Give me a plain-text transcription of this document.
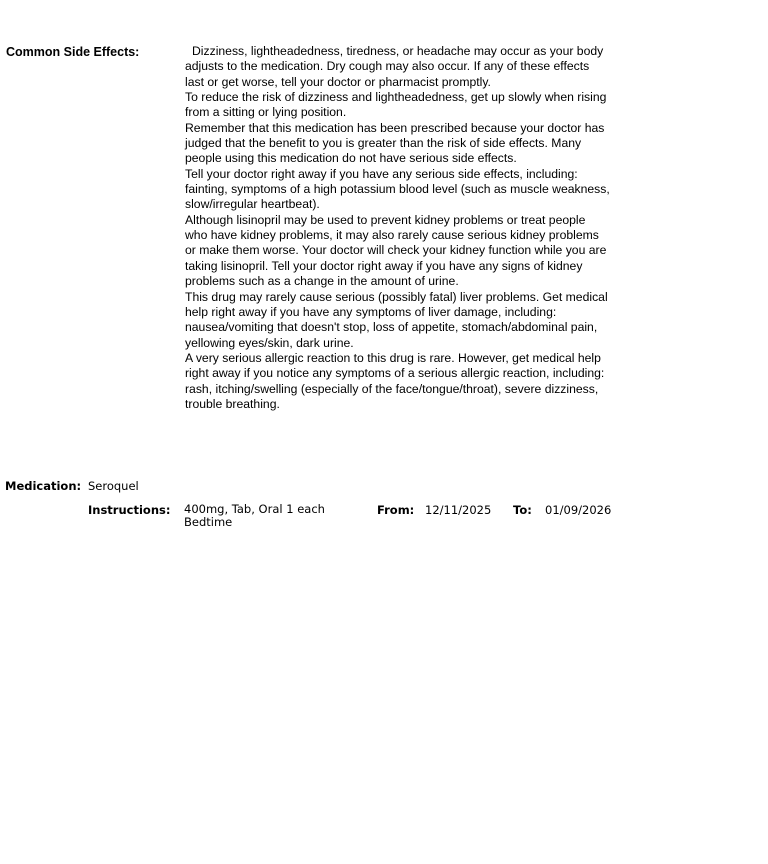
Common Side Effects:	Dizziness, lightheadedness, tiredness, or headache may occur as your body adjusts to the medication. Dry cough may also occur. If any of these effects last or get worse, tell your doctor or pharmacist promptly.

To reduce the risk of dizziness and lightheadedness, get up slowly when rising from a sitting or lying position.

Remember that this medication has been prescribed because your doctor has judged that the benefit to you is greater than the risk of side effects. Many people using this medication do not have serious side effects.

Tell your doctor right away if you have any serious side effects, including: fainting, symptoms of a high potassium blood level (such as muscle weakness, slow/irregular heartbeat).

Although lisinopril may be used to prevent kidney problems or treat people who have kidney problems, it may also rarely cause serious kidney problems or make them worse. Your doctor will check your kidney function while you are taking lisinopril. Tell your doctor right away if you have any signs of kidney problems such as a change in the amount of urine.

This drug may rarely cause serious (possibly fatal) liver problems. Get medical help right away if you have any symptoms of liver damage, including: nausea/vomiting that doesn't stop, loss of appetite, stomach/abdominal pain, yellowing eyes/skin, dark urine.

A very serious allergic reaction to this drug is rare. However, get medical help right away if you notice any symptoms of a serious allergic reaction, including: rash, itching/swelling (especially of the face/tongue/throat), severe dizziness, trouble breathing.

Medication: Seroquel
Instructions: 400mg, Tab, Oral 1 each Bedtime
From: 12/11/2025 To: 01/09/2026
